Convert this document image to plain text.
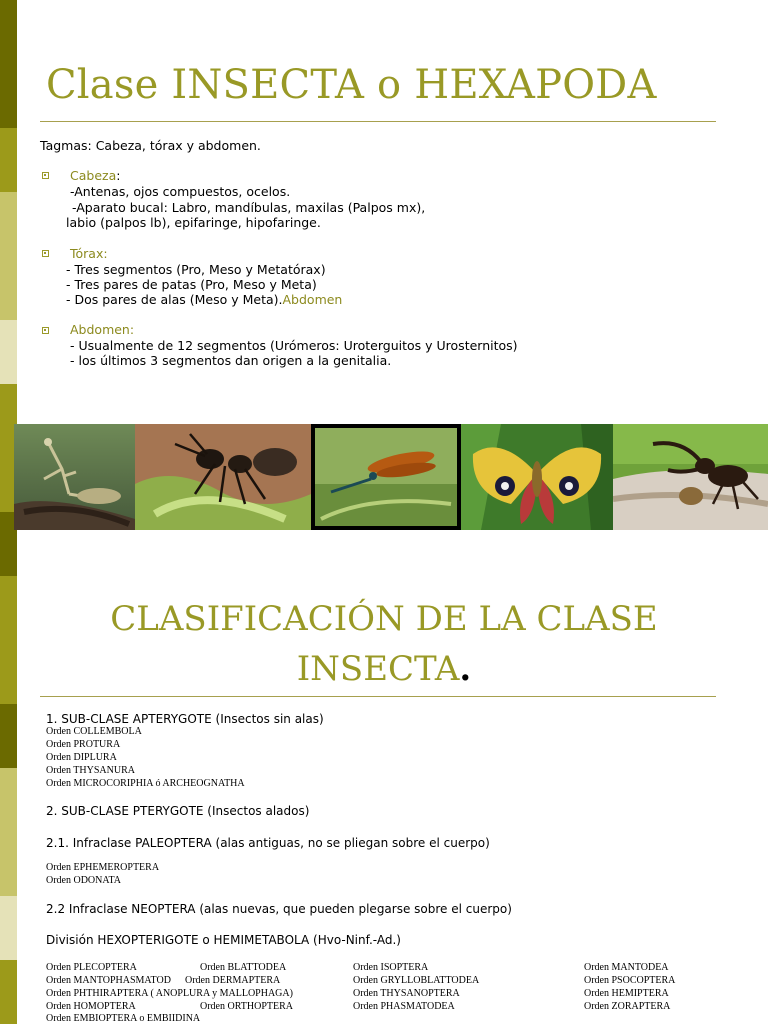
Clase INSECTA o HEXAPODA
Tagmas: Cabeza, tórax y abdomen.
Cabeza:
-Antenas, ojos compuestos, ocelos.
-Aparato bucal: Labro, mandíbulas, maxilas (Palpos mx),
labio (palpos lb), epifaringe, hipofaringe.
Tórax:
- Tres segmentos (Pro, Meso y Metatórax)
- Tres pares de patas (Pro, Meso y Meta)
- Dos pares de alas (Meso y Meta).Abdomen
Abdomen:
- Usualmente de 12 segmentos (Urómeros: Uroterguitos y Urosternitos)
- los últimos 3 segmentos dan origen a la genitalia.
CLASIFICACIÓN DE LA CLASE
INSECTA.
1. SUB-CLASE APTERYGOTE (Insectos sin alas)
Orden COLLEMBOLA
Orden PROTURA
Orden DIPLURA
Orden THYSANURA
Orden MICROCORIPHIA ó ARCHEOGNATHA
2. SUB-CLASE PTERYGOTE (Insectos alados)
2.1. Infraclase PALEOPTERA (alas antiguas, no se pliegan sobre el cuerpo)
Orden EPHEMEROPTERA
Orden ODONATA
2.2 Infraclase NEOPTERA (alas nuevas, que pueden plegarse sobre el cuerpo)
División HEXOPTERIGOTE o HEMIMETABOLA (Hvo-Ninf.-Ad.)
Orden PLECOPTERA
Orden MANTOPHASMATOD
Orden PHTHIRAPTERA ( ANOPLURA y MALLOPHAGA)
Orden HOMOPTERA
Orden EMBIOPTERA o EMBIIDINA
Orden BLATTODEA
Orden DERMAPTERA
Orden ORTHOPTERA
Orden ISOPTERA
Orden GRYLLOBLATTODEA
Orden THYSANOPTERA
Orden PHASMATODEA
Orden MANTODEA
Orden PSOCOPTERA
Orden HEMIPTERA
Orden ZORAPTERA
